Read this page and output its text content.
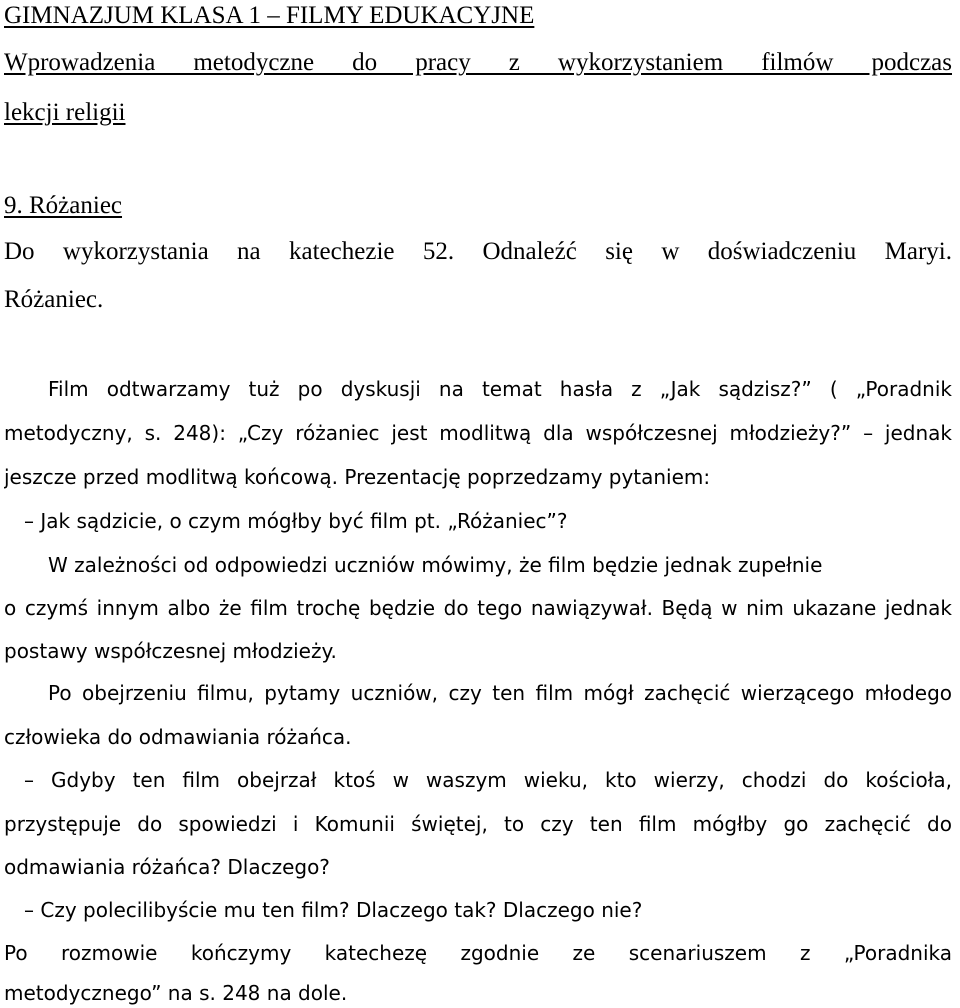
GIMNAZJUM KLASA 1 – FILMY EDUKACYJNE
Wprowadzenia metodyczne do pracy z wykorzystaniem filmów podczas
lekcji religii
9. Różaniec
Do wykorzystania na katechezie 52. Odnaleźć się w doświadczeniu Maryi.
Różaniec.
Film odtwarzamy tuż po dyskusji na temat hasła z „Jak sądzisz?” ( „Poradnik
metodyczny, s. 248): „Czy różaniec jest modlitwą dla współczesnej młodzieży?” – jednak
jeszcze przed modlitwą końcową. Prezentację poprzedzamy pytaniem:
– Jak sądzicie, o czym mógłby być film pt. „Różaniec”?
W zależności od odpowiedzi uczniów mówimy, że film będzie jednak zupełnie
o czymś innym albo że film trochę będzie do tego nawiązywał. Będą w nim ukazane jednak
postawy współczesnej młodzieży.
Po obejrzeniu filmu, pytamy uczniów, czy ten film mógł zachęcić wierzącego młodego
człowieka do odmawiania różańca.
– Gdyby ten film obejrzał ktoś w waszym wieku, kto wierzy, chodzi do kościoła,
przystępuje do spowiedzi i Komunii świętej, to czy ten film mógłby go zachęcić do
odmawiania różańca? Dlaczego?
– Czy polecilibyście mu ten film? Dlaczego tak? Dlaczego nie?
Po rozmowie kończymy katechezę zgodnie ze scenariuszem z „Poradnika
metodycznego” na s. 248 na dole.
